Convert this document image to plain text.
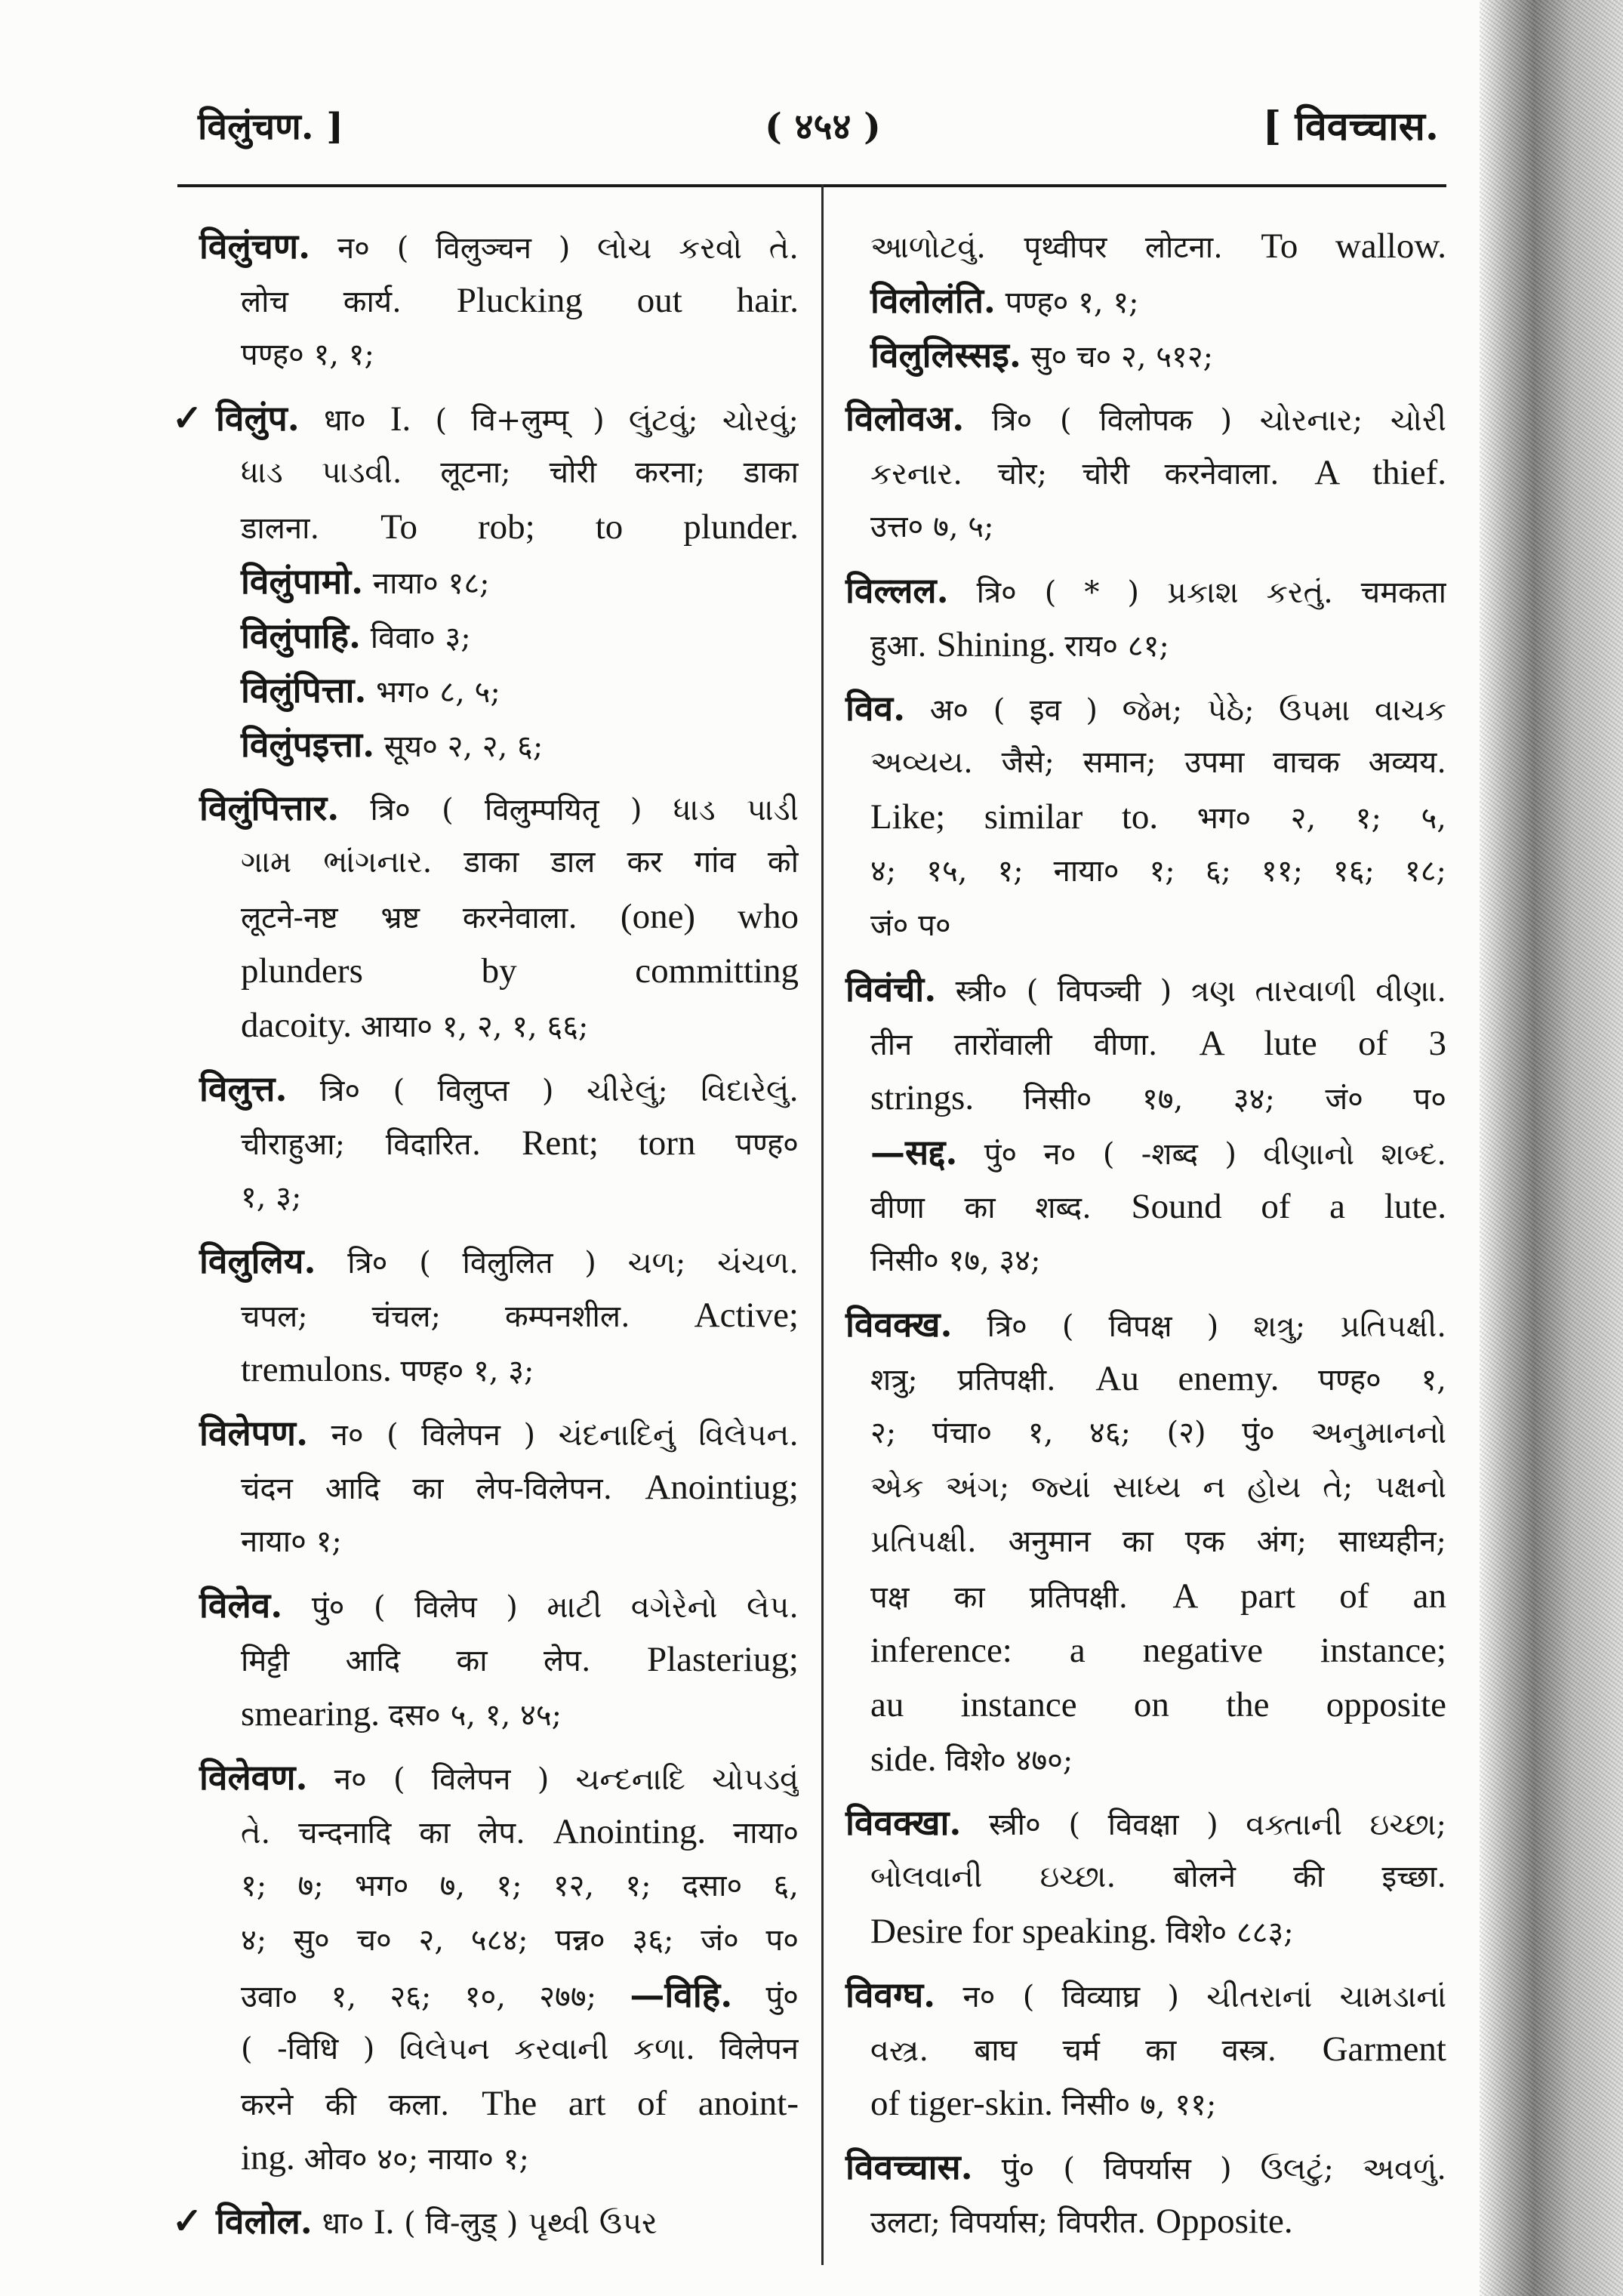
विलुंचण. ]	( ४५४ )	[ विवच्चास.
विलुंचण. न० ( विलुञ्चन ) લોચ કરવો તે.
लोच कार्य. Plucking out hair.
पण्ह० १, १;
✓ विलुंप. धा० I. ( वि+लुम्प् ) લુંટવું; ચોરવું;
ધાડ પાડવી. लूटना; चोरी करना; डाका
डालना. To rob; to plunder.
विलुंपामो. नाया० १८;
विलुंपाहि. विवा० ३;
विलुंपित्ता. भग० ८, ५;
विलुंपइत्ता. सूय० २, २, ६;
विलुंपित्तार. त्रि० ( विलुम्पयितृ ) ધાડ પાડી
ગામ ભાંગનાર. डाका डाल कर गांव को
लूटने-नष्ट भ्रष्ट करनेवाला. (one) who
plunders by committing
dacoity. आया० १, २, १, ६६;
विलुत्त. त्रि० ( विलुप्त ) ચીરેલું; વિદારેલું.
चीराहुआ; विदारित. Rent; torn पण्ह०
१, ३;
विलुलिय. त्रि० ( विलुलित ) ચળ; ચંચળ.
चपल; चंचल; कम्पनशील. Active;
tremulons. पण्ह० १, ३;
विलेपण. न० ( विलेपन ) ચંદનાદિનું વિલેપન.
चंदन आदि का लेप-विलेपन. Anointiug;
नाया० १;
विलेव. पुं० ( विलेप ) માટી વગેરેનો લેપ.
मिट्टी आदि का लेप. Plasteriug;
smearing. दस० ५, १, ४५;
विलेवण. न० ( विलेपन ) ચન્દનાદિ ચોપડવું
તે. चन्दनादि का लेप. Anointing. नाया०
१; ७; भग० ७, १; १२, १; दसा० ६,
४; सु० च० २, ५८४; पन्न० ३६; जं० प०
उवा० १, २६; १०, २७७; —विहि. पुं०
( -विधि ) વિલેપન કરવાની કળા. विलेपन
करने की कला. The art of anoint-
ing. ओव० ४०; नाया० १;
✓ विलोल. धा० I. ( वि-लुड् ) પૃથ્વી ઉપર
આળોટવું. पृथ्वीपर लोटना. To wallow.
विलोलंति. पण्ह० १, १;
विलुलिस्सइ. सु० च० २, ५१२;
विलोवअ. त्रि० ( विलोपक ) ચોરનાર; ચોરી
કરનાર. चोर; चोरी करनेवाला. A thief.
उत्त० ७, ५;
विल्लल. त्रि० ( * ) પ્રકાશ કરતું. चमकता
हुआ. Shining. राय० ८१;
विव. अ० ( इव ) જેમ; પેઠે; ઉપમા વાચક
અવ્યય. जैसे; समान; उपमा वाचक अव्यय.
Like; similar to. भग० २, १; ५,
४; १५, १; नाया० १; ६; ११; १६; १८;
जं० प०
विवंची. स्त्री० ( विपञ्ची ) ત્રણ તારવાળી વીણા.
तीन तारोंवाली वीणा. A lute of 3
strings. निसी० १७, ३४; जं० प०
—सद्द. पुं० न० ( -शब्द ) વીણાનો શબ્દ.
वीणा का शब्द. Sound of a lute.
निसी० १७, ३४;
विवक्ख. त्रि० ( विपक्ष ) શત્રુ; પ્રતિપક્ષી.
शत्रु; प्रतिपक्षी. Au enemy. पण्ह० १,
२; पंचा० १, ४६; (२) पुं० અનુમાનનો
એક અંગ; જ્યાં સાધ્ય ન હોય તે; પક્ષનો
પ્રતિપક્ષી. अनुमान का एक अंग; साध्यहीन;
पक्ष का प्रतिपक्षी. A part of an
inference: a negative instance;
au instance on the opposite
side. विशे० ४७०;
विवक्खा. स्त्री० ( विवक्षा ) વક્તાની ઇચ્છા;
બોલવાની ઇચ્છા. बोलने की इच्छा.
Desire for speaking. विशे० ८८३;
विवग्घ. न० ( विव्याघ्र ) ચીતરાનાં ચામડાનાં
વસ્ત્ર. बाघ चर्म का वस्त्र. Garment
of tiger-skin. निसी० ७, ११;
विवच्चास. पुं० ( विपर्यास ) ઉલટું; અવળું.
उलटा; विपर्यास; विपरीत. Opposite.
